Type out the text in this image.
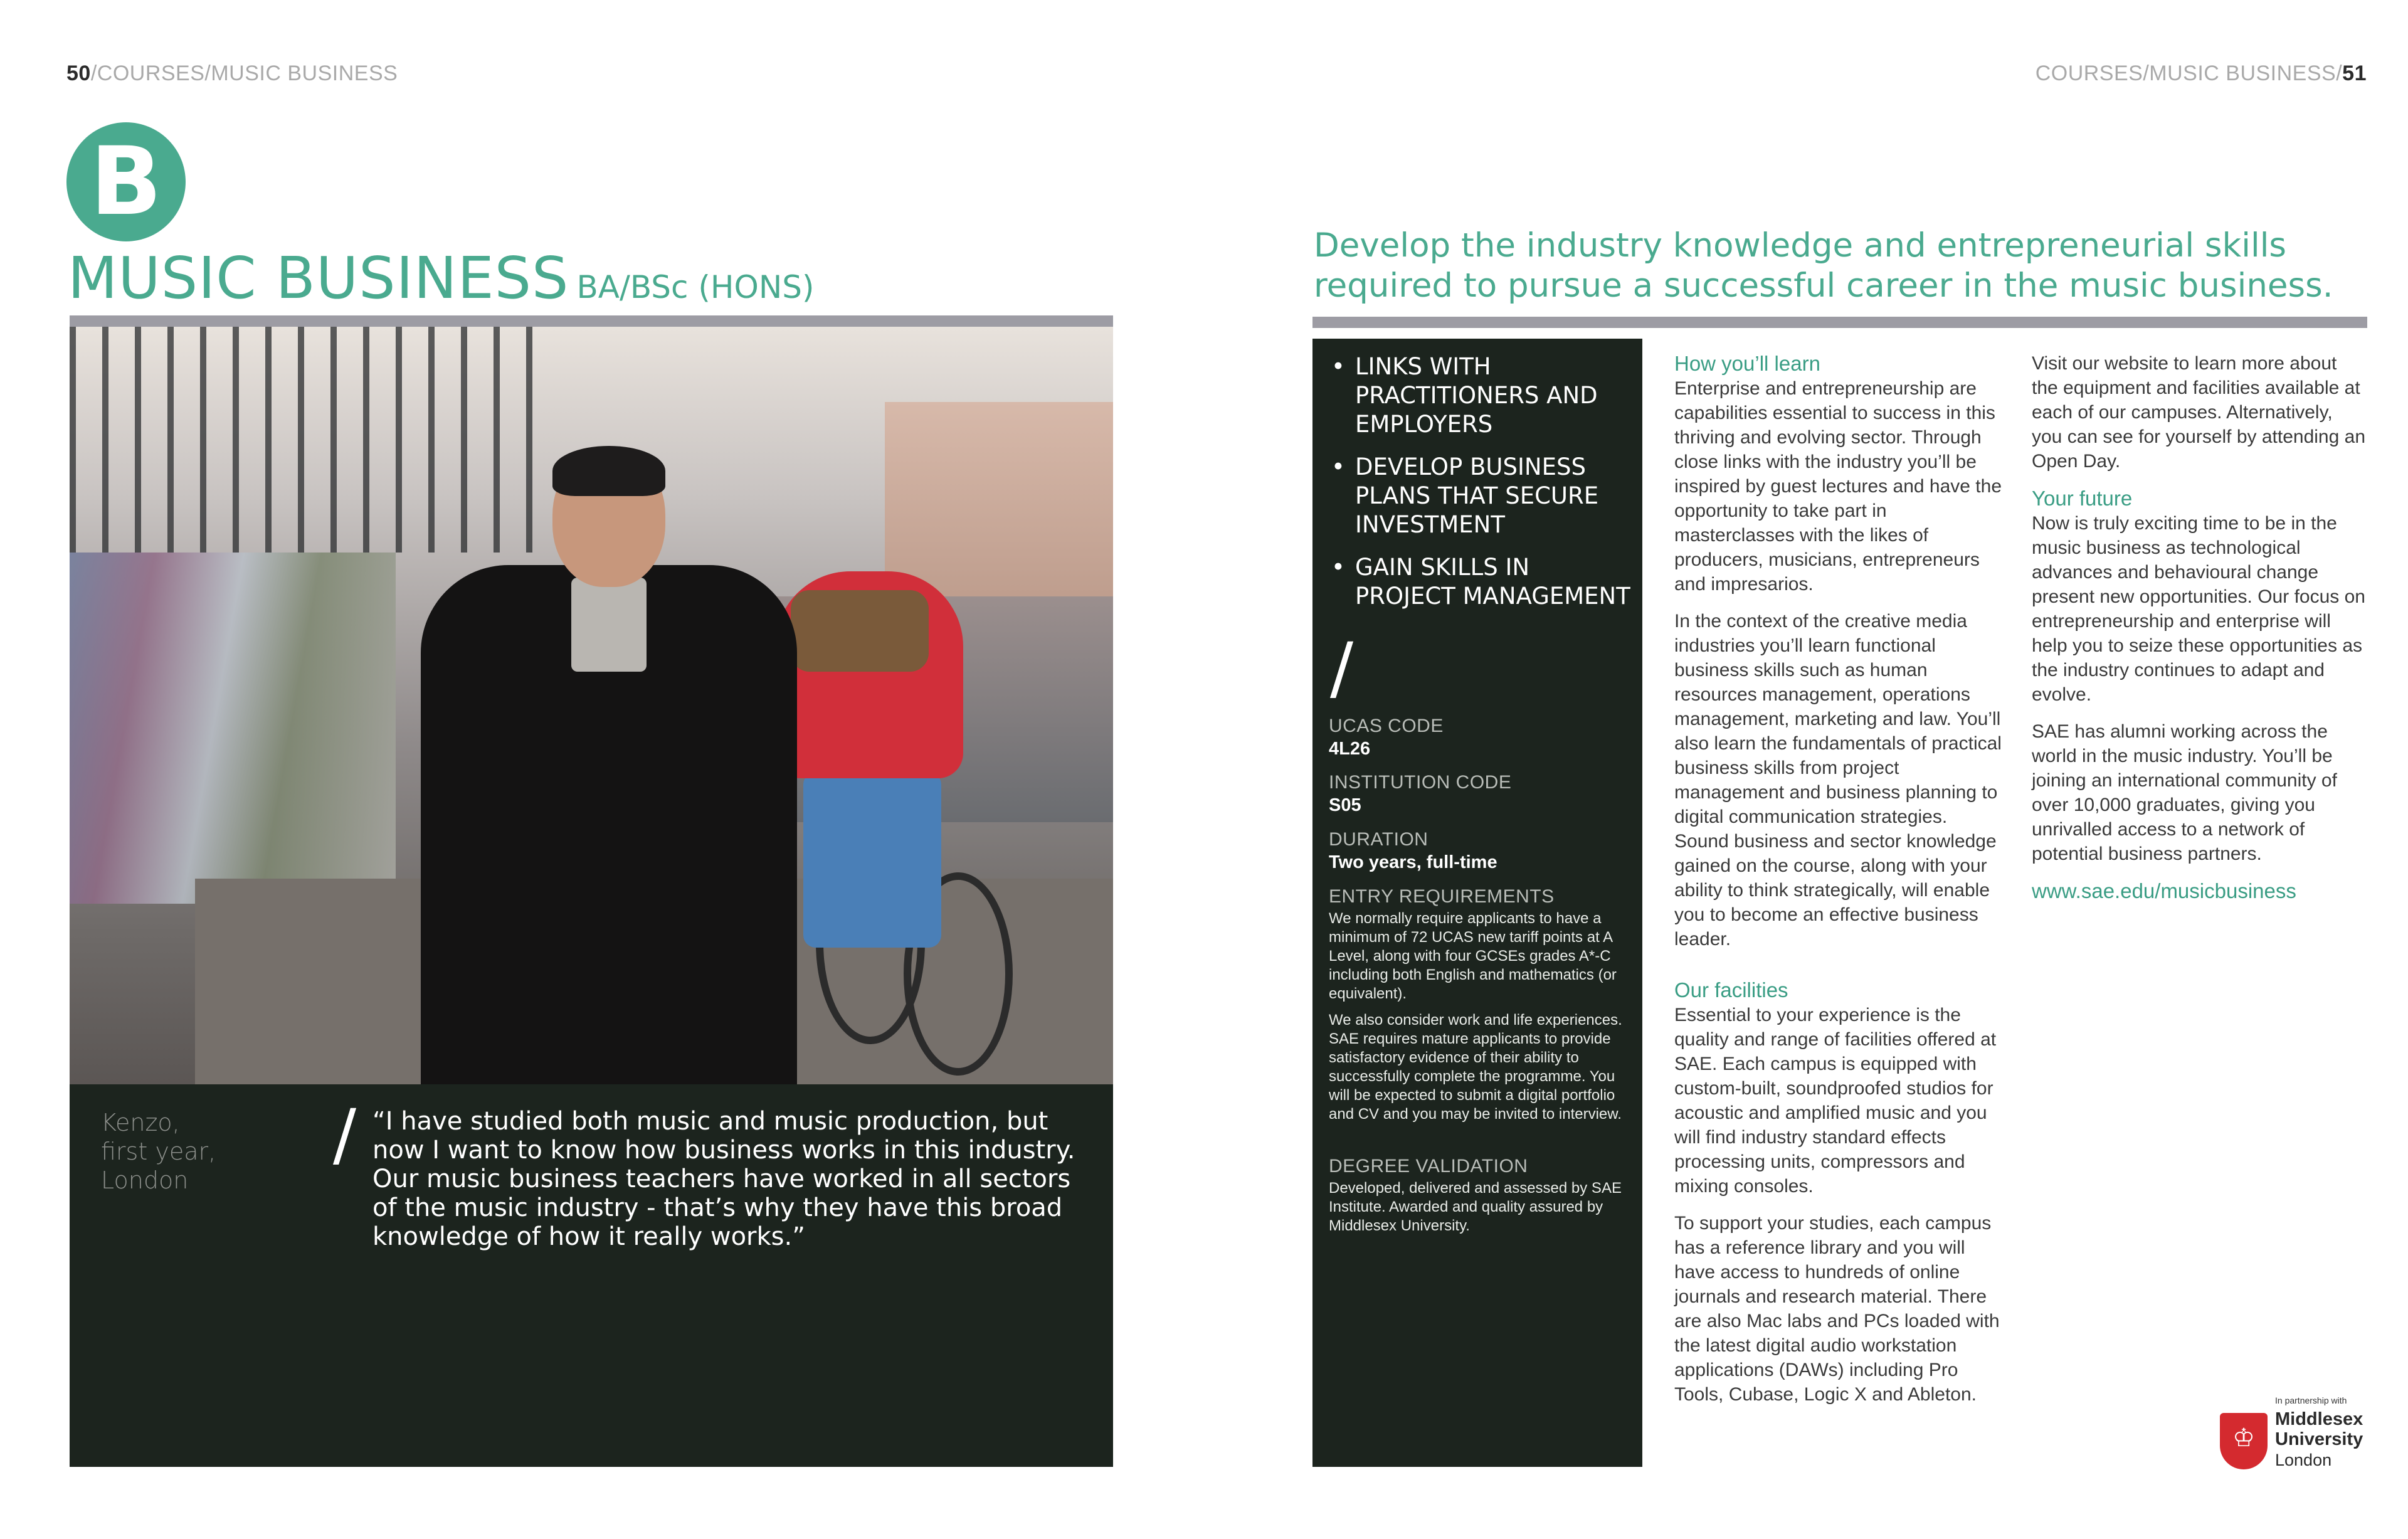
50/COURSES/MUSIC BUSINESS	COURSES/MUSIC BUSINESS/51
B
MUSIC BUSINESS BA/BSc (HONS)
Kenzo,
first year,
London
/ “I have studied both music and music production, but now I want to know how business works in this industry. Our music business teachers have worked in all sectors of the music industry - that’s why they have this broad knowledge of how it really works.”
Develop the industry knowledge and entrepreneurial skills required to pursue a successful career in the music business.
• LINKS WITH PRACTITIONERS AND EMPLOYERS
• DEVELOP BUSINESS PLANS THAT SECURE INVESTMENT
• GAIN SKILLS IN PROJECT MANAGEMENT
/
UCAS CODE
4L26
INSTITUTION CODE
S05
DURATION
Two years, full-time
ENTRY REQUIREMENTS
We normally require applicants to have a minimum of 72 UCAS new tariff points at A Level, along with four GCSEs grades A*-C including both English and mathematics (or equivalent).
We also consider work and life experiences. SAE requires mature applicants to provide satisfactory evidence of their ability to successfully complete the programme. You will be expected to submit a digital portfolio and CV and you may be invited to interview.
DEGREE VALIDATION
Developed, delivered and assessed by SAE Institute. Awarded and quality assured by Middlesex University.
How you’ll learn

Enterprise and entrepreneurship are capabilities essential to success in this thriving and evolving sector. Through close links with the industry you’ll be inspired by guest lectures and have the opportunity to take part in masterclasses with the likes of producers, musicians, entrepreneurs and impresarios.

In the context of the creative media industries you’ll learn functional business skills such as human resources management, operations management, marketing and law. You’ll also learn the fundamentals of practical business skills from project management and business planning to digital communication strategies. Sound business and sector knowledge gained on the course, along with your ability to think strategically, will enable you to become an effective business leader.

Our facilities

Essential to your experience is the quality and range of facilities offered at SAE. Each campus is equipped with custom-built, soundproofed studios for acoustic and amplified music and you will find industry standard effects processing units, compressors and mixing consoles.

To support your studies, each campus has a reference library and you will have access to hundreds of online journals and research material. There are also Mac labs and PCs loaded with the latest digital audio workstation applications (DAWs) including Pro Tools, Cubase, Logic X and Ableton.

Visit our website to learn more about the equipment and facilities available at each of our campuses. Alternatively, you can see for yourself by attending an Open Day.

Your future

Now is truly exciting time to be in the music business as technological advances and behavioural change present new opportunities. Our focus on entrepreneurship and enterprise will help you to seize these opportunities as the industry continues to adapt and evolve.

SAE has alumni working across the world in the music industry. You’ll be joining an international community of over 10,000 graduates, giving you unrivalled access to a network of potential business partners.

www.sae.edu/musicbusiness
In partnership with
♔
Middlesex
University
London
